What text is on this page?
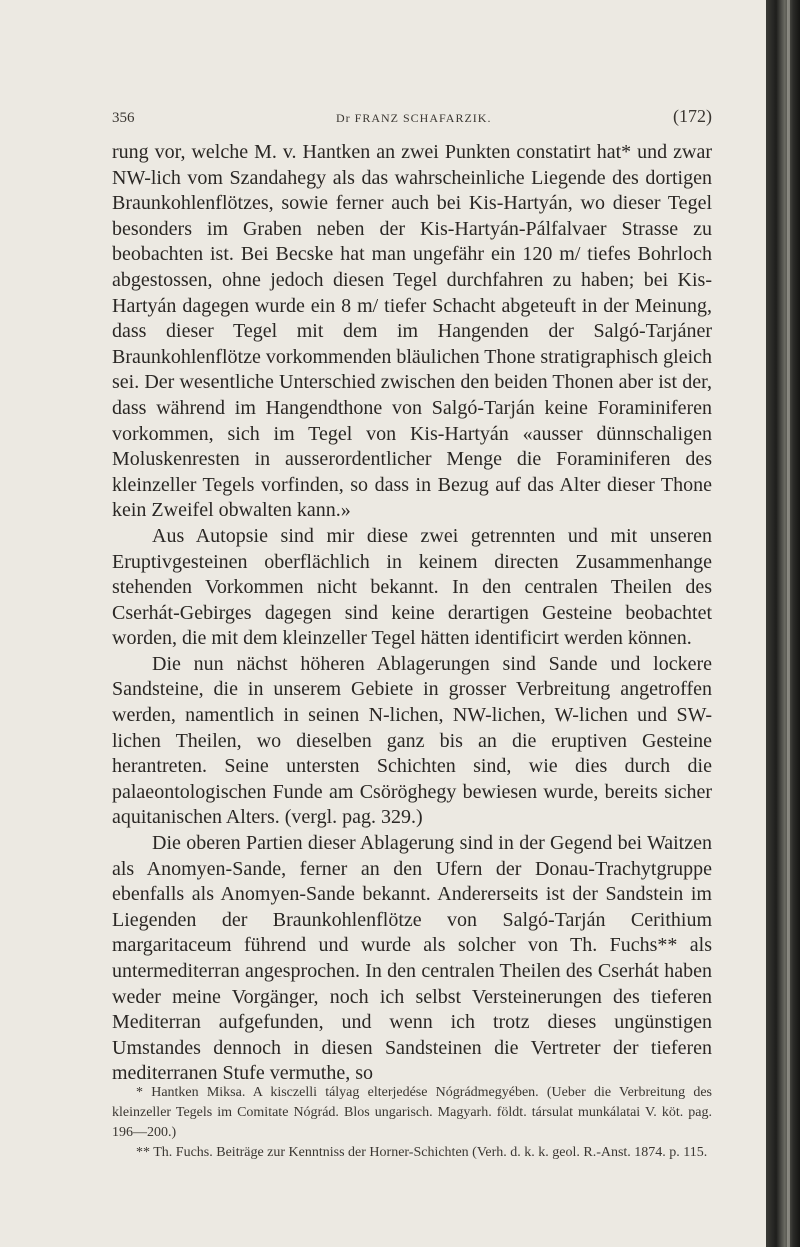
356	Dr FRANZ SCHAFARZIK.	(172)

rung vor, welche M. v. Hantken an zwei Punkten constatirt hat* und zwar NW-lich vom Szandahegy als das wahrscheinliche Liegende des dortigen Braunkohlenflötzes, sowie ferner auch bei Kis-Hartyán, wo dieser Tegel besonders im Graben neben der Kis-Hartyán-Pálfalvaer Strasse zu beobachten ist. Bei Becske hat man ungefähr ein 120 m/ tiefes Bohrloch abgestossen, ohne jedoch diesen Tegel durchfahren zu haben; bei Kis-Hartyán dagegen wurde ein 8 m/ tiefer Schacht abgeteuft in der Meinung, dass dieser Tegel mit dem im Hangenden der Salgó-Tarjáner Braunkohlenflötze vorkommenden bläulichen Thone stratigraphisch gleich sei. Der wesentliche Unterschied zwischen den beiden Thonen aber ist der, dass während im Hangendthone von Salgó-Tarján keine Foraminiferen vorkommen, sich im Tegel von Kis-Hartyán «ausser dünnschaligen Moluskenresten in ausserordentlicher Menge die Foraminiferen des kleinzeller Tegels vorfinden, so dass in Bezug auf das Alter dieser Thone kein Zweifel obwalten kann.»

Aus Autopsie sind mir diese zwei getrennten und mit unseren Eruptivgesteinen oberflächlich in keinem directen Zusammenhange stehenden Vorkommen nicht bekannt. In den centralen Theilen des Cserhát-Gebirges dagegen sind keine derartigen Gesteine beobachtet worden, die mit dem kleinzeller Tegel hätten identificirt werden können.

Die nun nächst höheren Ablagerungen sind Sande und lockere Sandsteine, die in unserem Gebiete in grosser Verbreitung angetroffen werden, namentlich in seinen N-lichen, NW-lichen, W-lichen und SW-lichen Theilen, wo dieselben ganz bis an die eruptiven Gesteine herantreten. Seine untersten Schichten sind, wie dies durch die palaeontologischen Funde am Csöröghegy bewiesen wurde, bereits sicher aquitanischen Alters. (vergl. pag. 329.)

Die oberen Partien dieser Ablagerung sind in der Gegend bei Waitzen als Anomyen-Sande, ferner an den Ufern der Donau-Trachytgruppe ebenfalls als Anomyen-Sande bekannt. Andererseits ist der Sandstein im Liegenden der Braunkohlenflötze von Salgó-Tarján Cerithium margaritaceum führend und wurde als solcher von Th. Fuchs** als untermediterran angesprochen. In den centralen Theilen des Cserhát haben weder meine Vorgänger, noch ich selbst Versteinerungen des tieferen Mediterran aufgefunden, und wenn ich trotz dieses ungünstigen Umstandes dennoch in diesen Sandsteinen die Vertreter der tieferen mediterranen Stufe vermuthe, so

* Hantken Miksa. A kisczelli tályag elterjedése Nógrádmegyében. (Ueber die Verbreitung des kleinzeller Tegels im Comitate Nógrád. Blos ungarisch. Magyarh. földt. társulat munkálatai V. köt. pag. 196—200.)

** Th. Fuchs. Beiträge zur Kenntniss der Horner-Schichten (Verh. d. k. k. geol. R.-Anst. 1874. p. 115.
